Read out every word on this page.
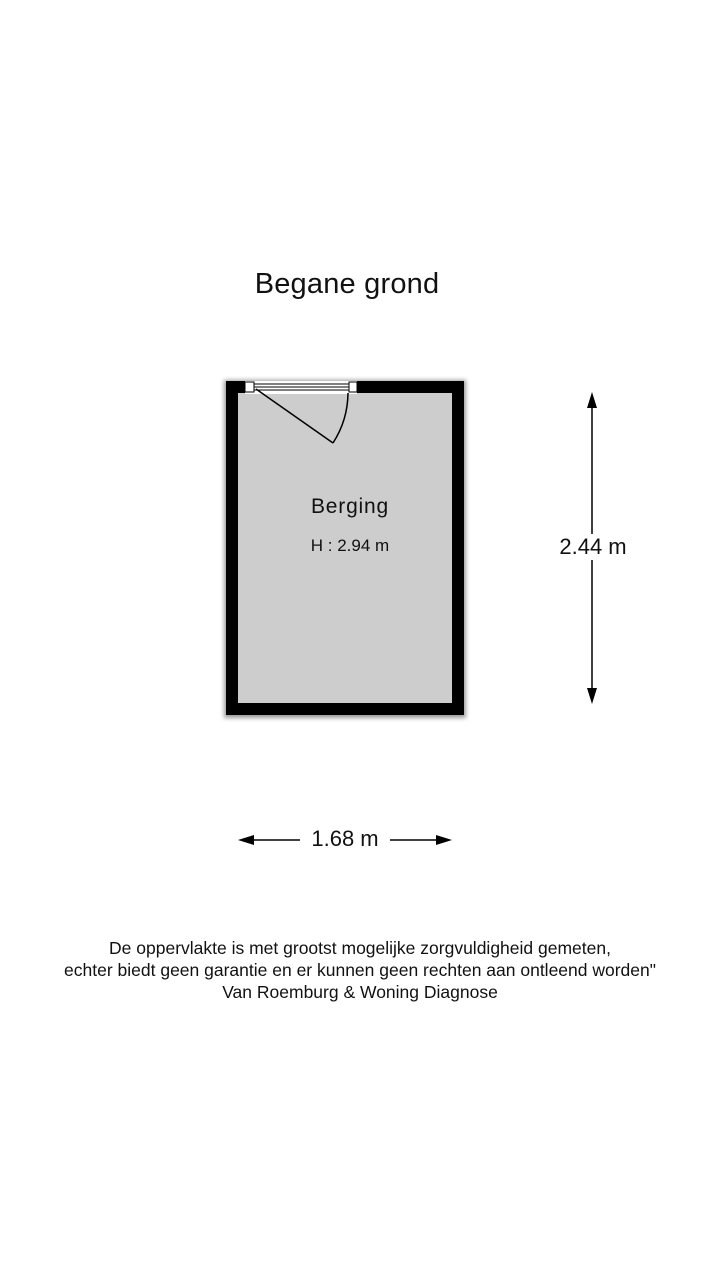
Begane grond
Berging
H : 2.94 m	2.44 m
1.68 m
De oppervlakte is met grootst mogelijke zorgvuldigheid gemeten,
echter biedt geen garantie en er kunnen geen rechten aan ontleend worden"
Van Roemburg & Woning Diagnose
